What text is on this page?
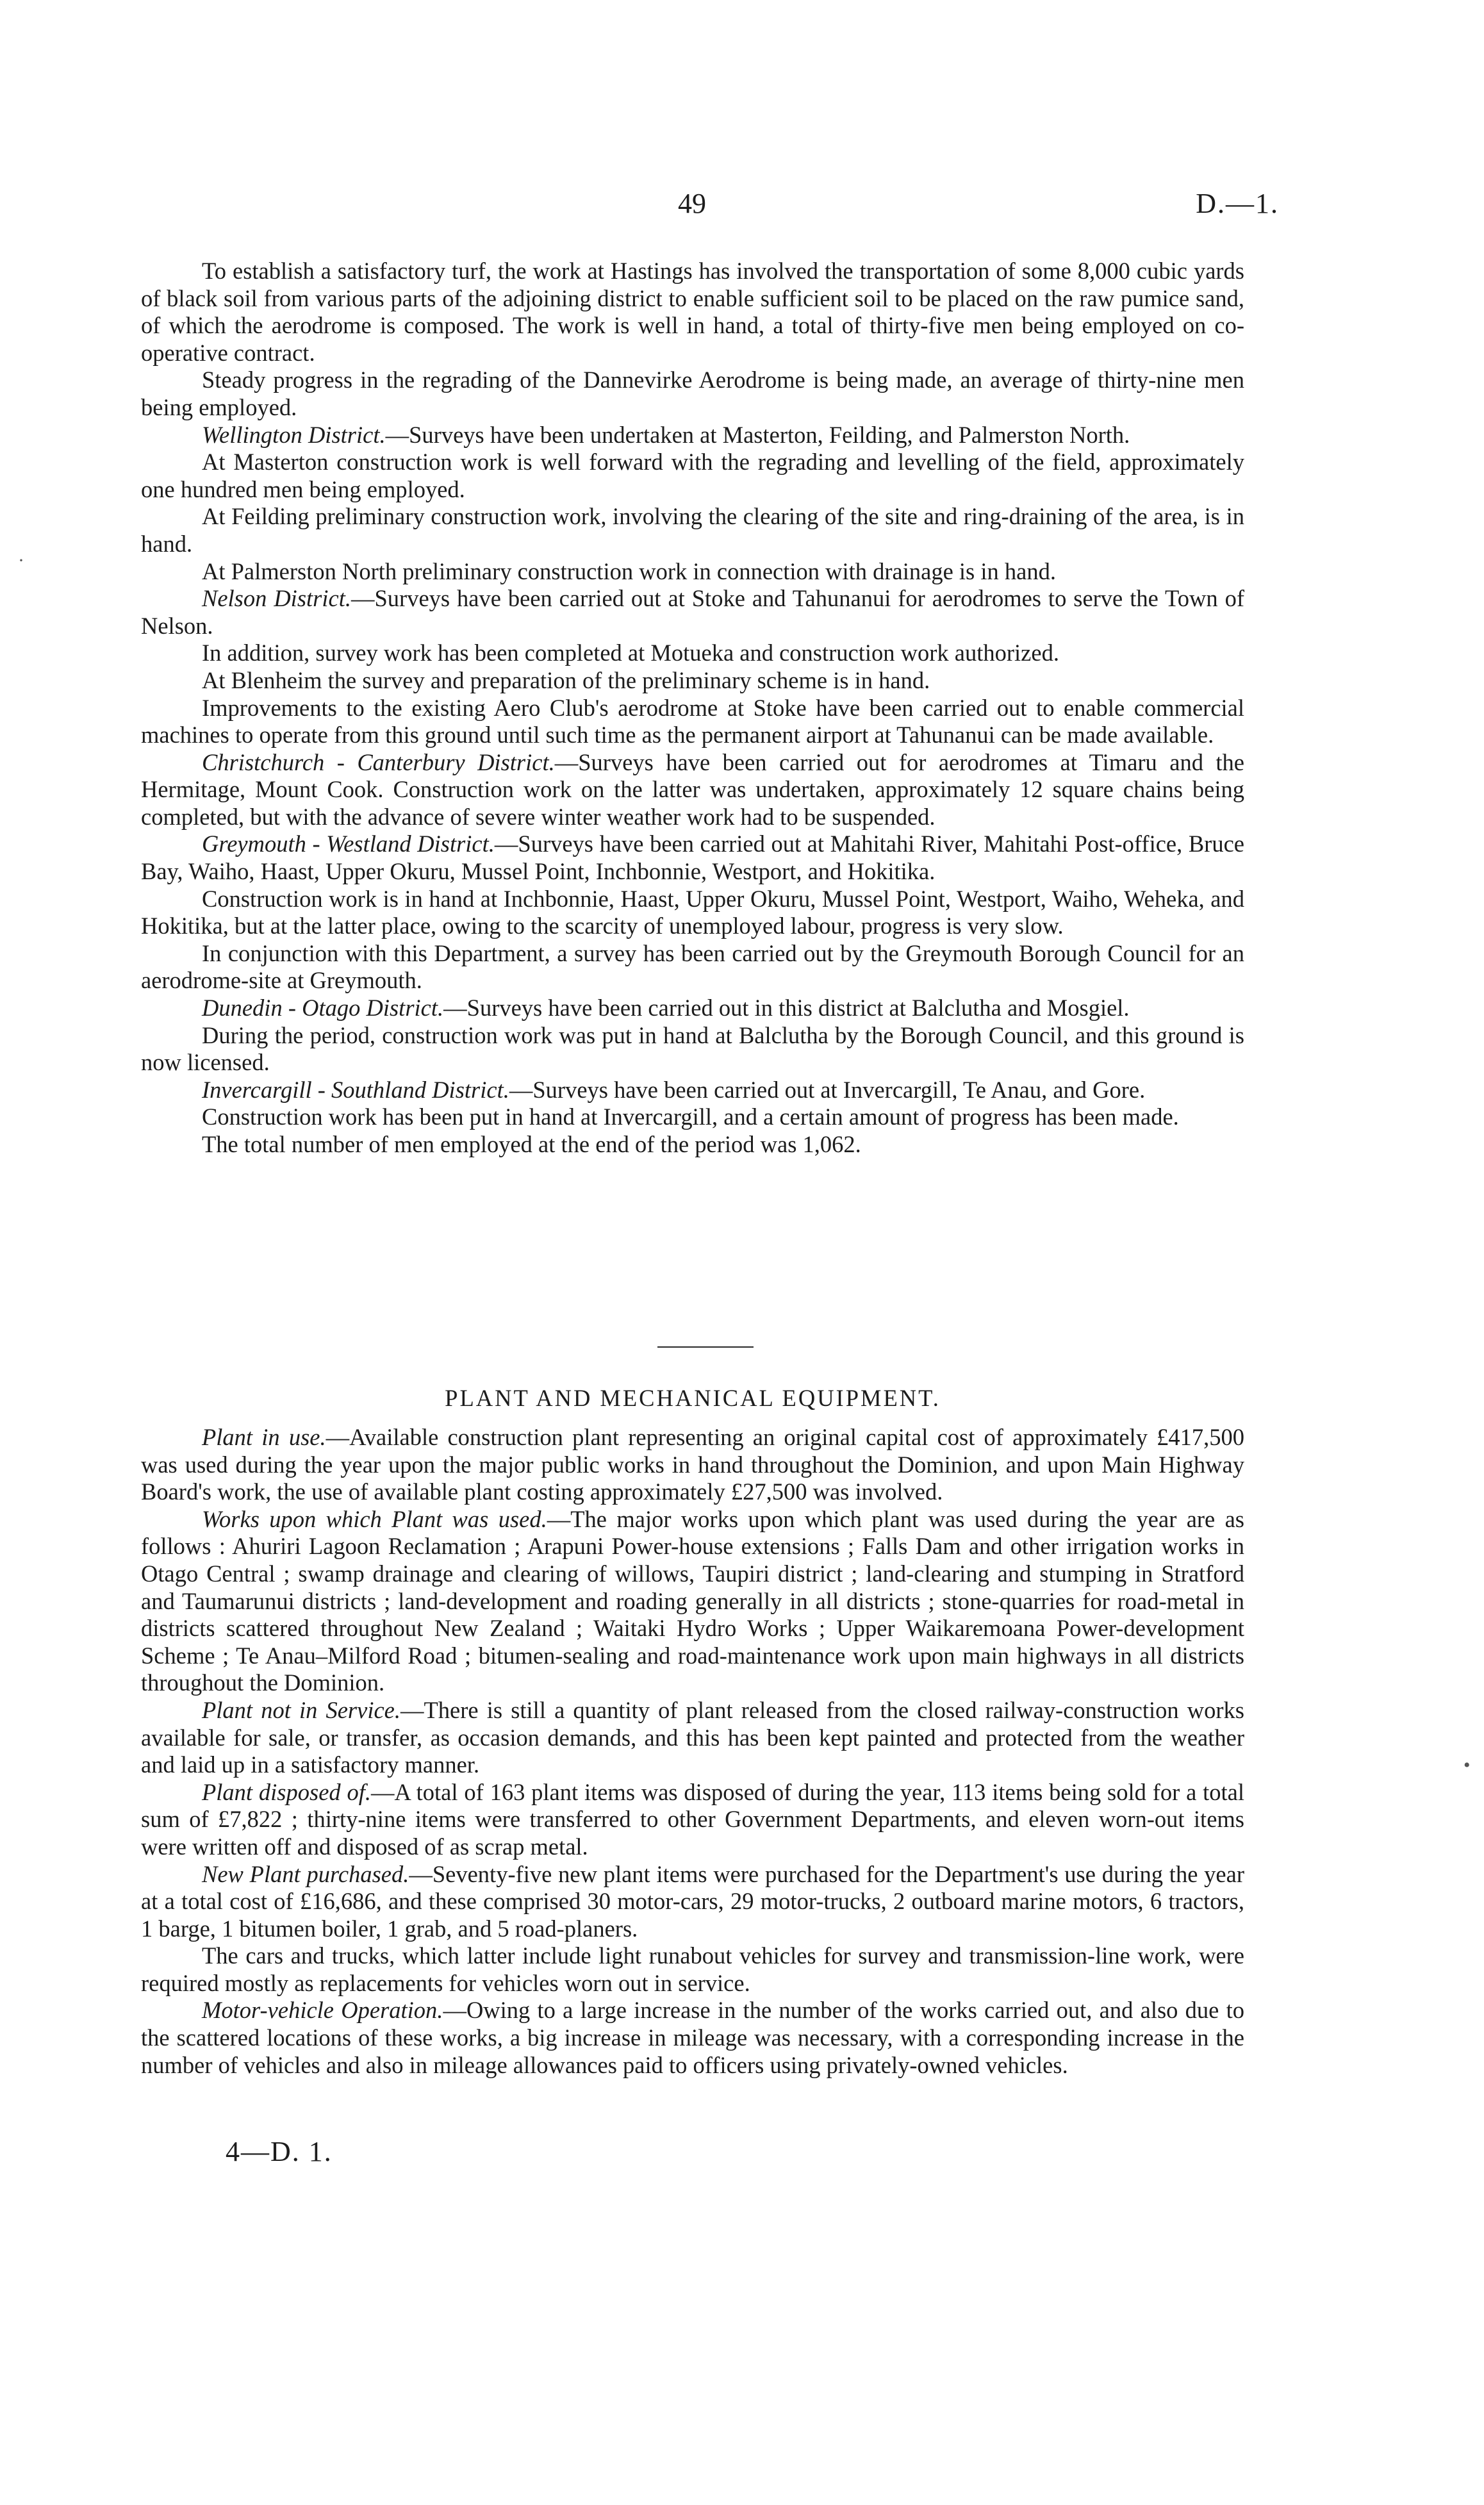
49	D.—1.

To establish a satisfactory turf, the work at Hastings has involved the transportation of some 8,000 cubic yards of black soil from various parts of the adjoining district to enable sufficient soil to be placed on the raw pumice sand, of which the aerodrome is composed. The work is well in hand, a total of thirty-five men being employed on co-operative contract.

Steady progress in the regrading of the Dannevirke Aerodrome is being made, an average of thirty-nine men being employed.

Wellington District.—Surveys have been undertaken at Masterton, Feilding, and Palmerston North.

At Masterton construction work is well forward with the regrading and levelling of the field, approximately one hundred men being employed.

At Feilding preliminary construction work, involving the clearing of the site and ring-draining of the area, is in hand.

At Palmerston North preliminary construction work in connection with drainage is in hand.

Nelson District.—Surveys have been carried out at Stoke and Tahunanui for aerodromes to serve the Town of Nelson.

In addition, survey work has been completed at Motueka and construction work authorized.

At Blenheim the survey and preparation of the preliminary scheme is in hand.

Improvements to the existing Aero Club's aerodrome at Stoke have been carried out to enable commercial machines to operate from this ground until such time as the permanent airport at Tahunanui can be made available.

Christchurch - Canterbury District.—Surveys have been carried out for aerodromes at Timaru and the Hermitage, Mount Cook. Construction work on the latter was undertaken, approximately 12 square chains being completed, but with the advance of severe winter weather work had to be suspended.

Greymouth - Westland District.—Surveys have been carried out at Mahitahi River, Mahitahi Post-office, Bruce Bay, Waiho, Haast, Upper Okuru, Mussel Point, Inchbonnie, Westport, and Hokitika.

Construction work is in hand at Inchbonnie, Haast, Upper Okuru, Mussel Point, Westport, Waiho, Weheka, and Hokitika, but at the latter place, owing to the scarcity of unemployed labour, progress is very slow.

In conjunction with this Department, a survey has been carried out by the Greymouth Borough Council for an aerodrome-site at Greymouth.

Dunedin - Otago District.—Surveys have been carried out in this district at Balclutha and Mosgiel.

During the period, construction work was put in hand at Balclutha by the Borough Council, and this ground is now licensed.

Invercargill - Southland District.—Surveys have been carried out at Invercargill, Te Anau, and Gore.

Construction work has been put in hand at Invercargill, and a certain amount of progress has been made.

The total number of men employed at the end of the period was 1,062.

PLANT AND MECHANICAL EQUIPMENT.

Plant in use.—Available construction plant representing an original capital cost of approximately £417,500 was used during the year upon the major public works in hand throughout the Dominion, and upon Main Highway Board's work, the use of available plant costing approximately £27,500 was involved.

Works upon which Plant was used.—The major works upon which plant was used during the year are as follows : Ahuriri Lagoon Reclamation ; Arapuni Power-house extensions ; Falls Dam and other irrigation works in Otago Central ; swamp drainage and clearing of willows, Taupiri district ; land-clearing and stumping in Stratford and Taumarunui districts ; land-development and roading generally in all districts ; stone-quarries for road-metal in districts scattered throughout New Zealand ; Waitaki Hydro Works ; Upper Waikaremoana Power-development Scheme ; Te Anau–Milford Road ; bitumen-sealing and road-maintenance work upon main highways in all districts throughout the Dominion.

Plant not in Service.—There is still a quantity of plant released from the closed railway-construction works available for sale, or transfer, as occasion demands, and this has been kept painted and protected from the weather and laid up in a satisfactory manner.

Plant disposed of.—A total of 163 plant items was disposed of during the year, 113 items being sold for a total sum of £7,822 ; thirty-nine items were transferred to other Government Departments, and eleven worn-out items were written off and disposed of as scrap metal.

New Plant purchased.—Seventy-five new plant items were purchased for the Department's use during the year at a total cost of £16,686, and these comprised 30 motor-cars, 29 motor-trucks, 2 outboard marine motors, 6 tractors, 1 barge, 1 bitumen boiler, 1 grab, and 5 road-planers.

The cars and trucks, which latter include light runabout vehicles for survey and transmission-line work, were required mostly as replacements for vehicles worn out in service.

Motor-vehicle Operation.—Owing to a large increase in the number of the works carried out, and also due to the scattered locations of these works, a big increase in mileage was necessary, with a corresponding increase in the number of vehicles and also in mileage allowances paid to officers using privately-owned vehicles.

4—D. 1.
·
•
